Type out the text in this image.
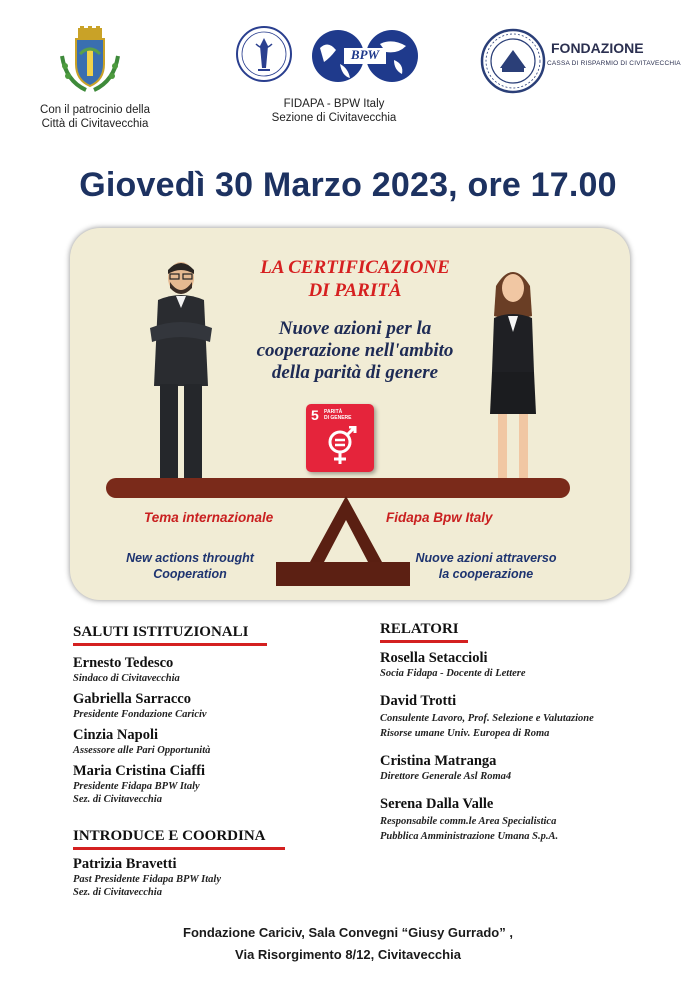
Con il patrocinio della
Città di Civitavecchia
BPW
FIDAPA - BPW Italy
Sezione di Civitavecchia
FONDAZIONE
CASSA DI RISPARMIO DI CIVITAVECCHIA
Giovedì 30 Marzo 2023, ore 17.00
LA CERTIFICAZIONE
DI PARITÀ
Nuove azioni per la
cooperazione nell'ambito
della parità di genere
5 PARITÀ
DI GENERE
Tema internazionale	Fidapa Bpw Italy
New actions throught
Cooperation
Nuove azioni attraverso
la cooperazione
SALUTI ISTITUZIONALI
Ernesto Tedesco
Sindaco di Civitavecchia
Gabriella Sarracco
Presidente Fondazione Cariciv
Cinzia Napoli
Assessore alle Pari Opportunità
Maria Cristina Ciaffi
Presidente Fidapa BPW Italy
Sez. di Civitavecchia
INTRODUCE E COORDINA
Patrizia Bravetti
Past Presidente Fidapa BPW Italy
Sez. di Civitavecchia
RELATORI
Rosella Setaccioli
Socia Fidapa - Docente di Lettere
David Trotti
Consulente Lavoro, Prof. Selezione e Valutazione
Risorse umane Univ. Europea di Roma
Cristina Matranga
Direttore Generale Asl Roma4
Serena Dalla Valle
Responsabile comm.le Area Specialistica
Pubblica Amministrazione Umana S.p.A.
Fondazione Cariciv, Sala Convegni “Giusy Gurrado” ,
Via Risorgimento 8/12, Civitavecchia
